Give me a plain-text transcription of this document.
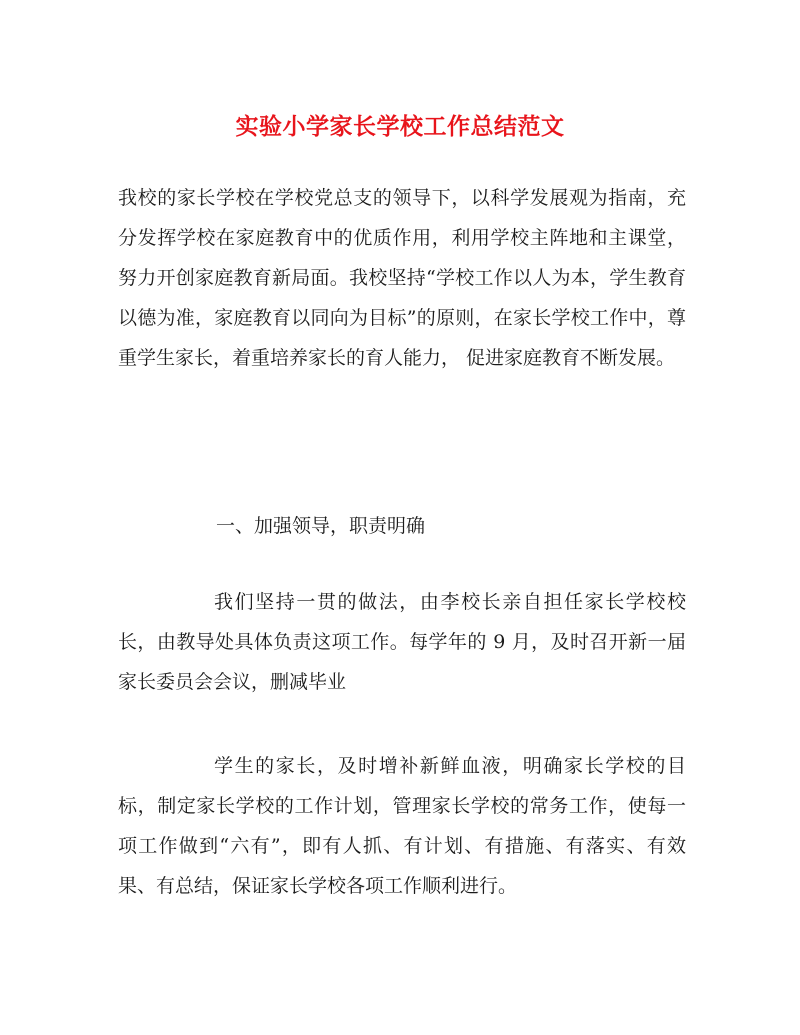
实验小学家长学校工作总结范文

我校的家长学校在学校党总支的领导下，以科学发展观为指南，充分发挥学校在家庭教育中的优质作用，利用学校主阵地和主课堂，努力开创家庭教育新局面。我校坚持“学校工作以人为本，学生教育以德为准，家庭教育以同向为目标”的原则，在家长学校工作中，尊重学生家长，着重培养家长的育人能力， 促进家庭教育不断发展。

一、加强领导，职责明确

我们坚持一贯的做法，由李校长亲自担任家长学校校长，由教导处具体负责这项工作。每学年的 9 月，及时召开新一届家长委员会会议，删减毕业

学生的家长，及时增补新鲜血液，明确家长学校的目标，制定家长学校的工作计划，管理家长学校的常务工作，使每一项工作做到“六有”，即有人抓、有计划、有措施、有落实、有效果、有总结，保证家长学校各项工作顺利进行。
